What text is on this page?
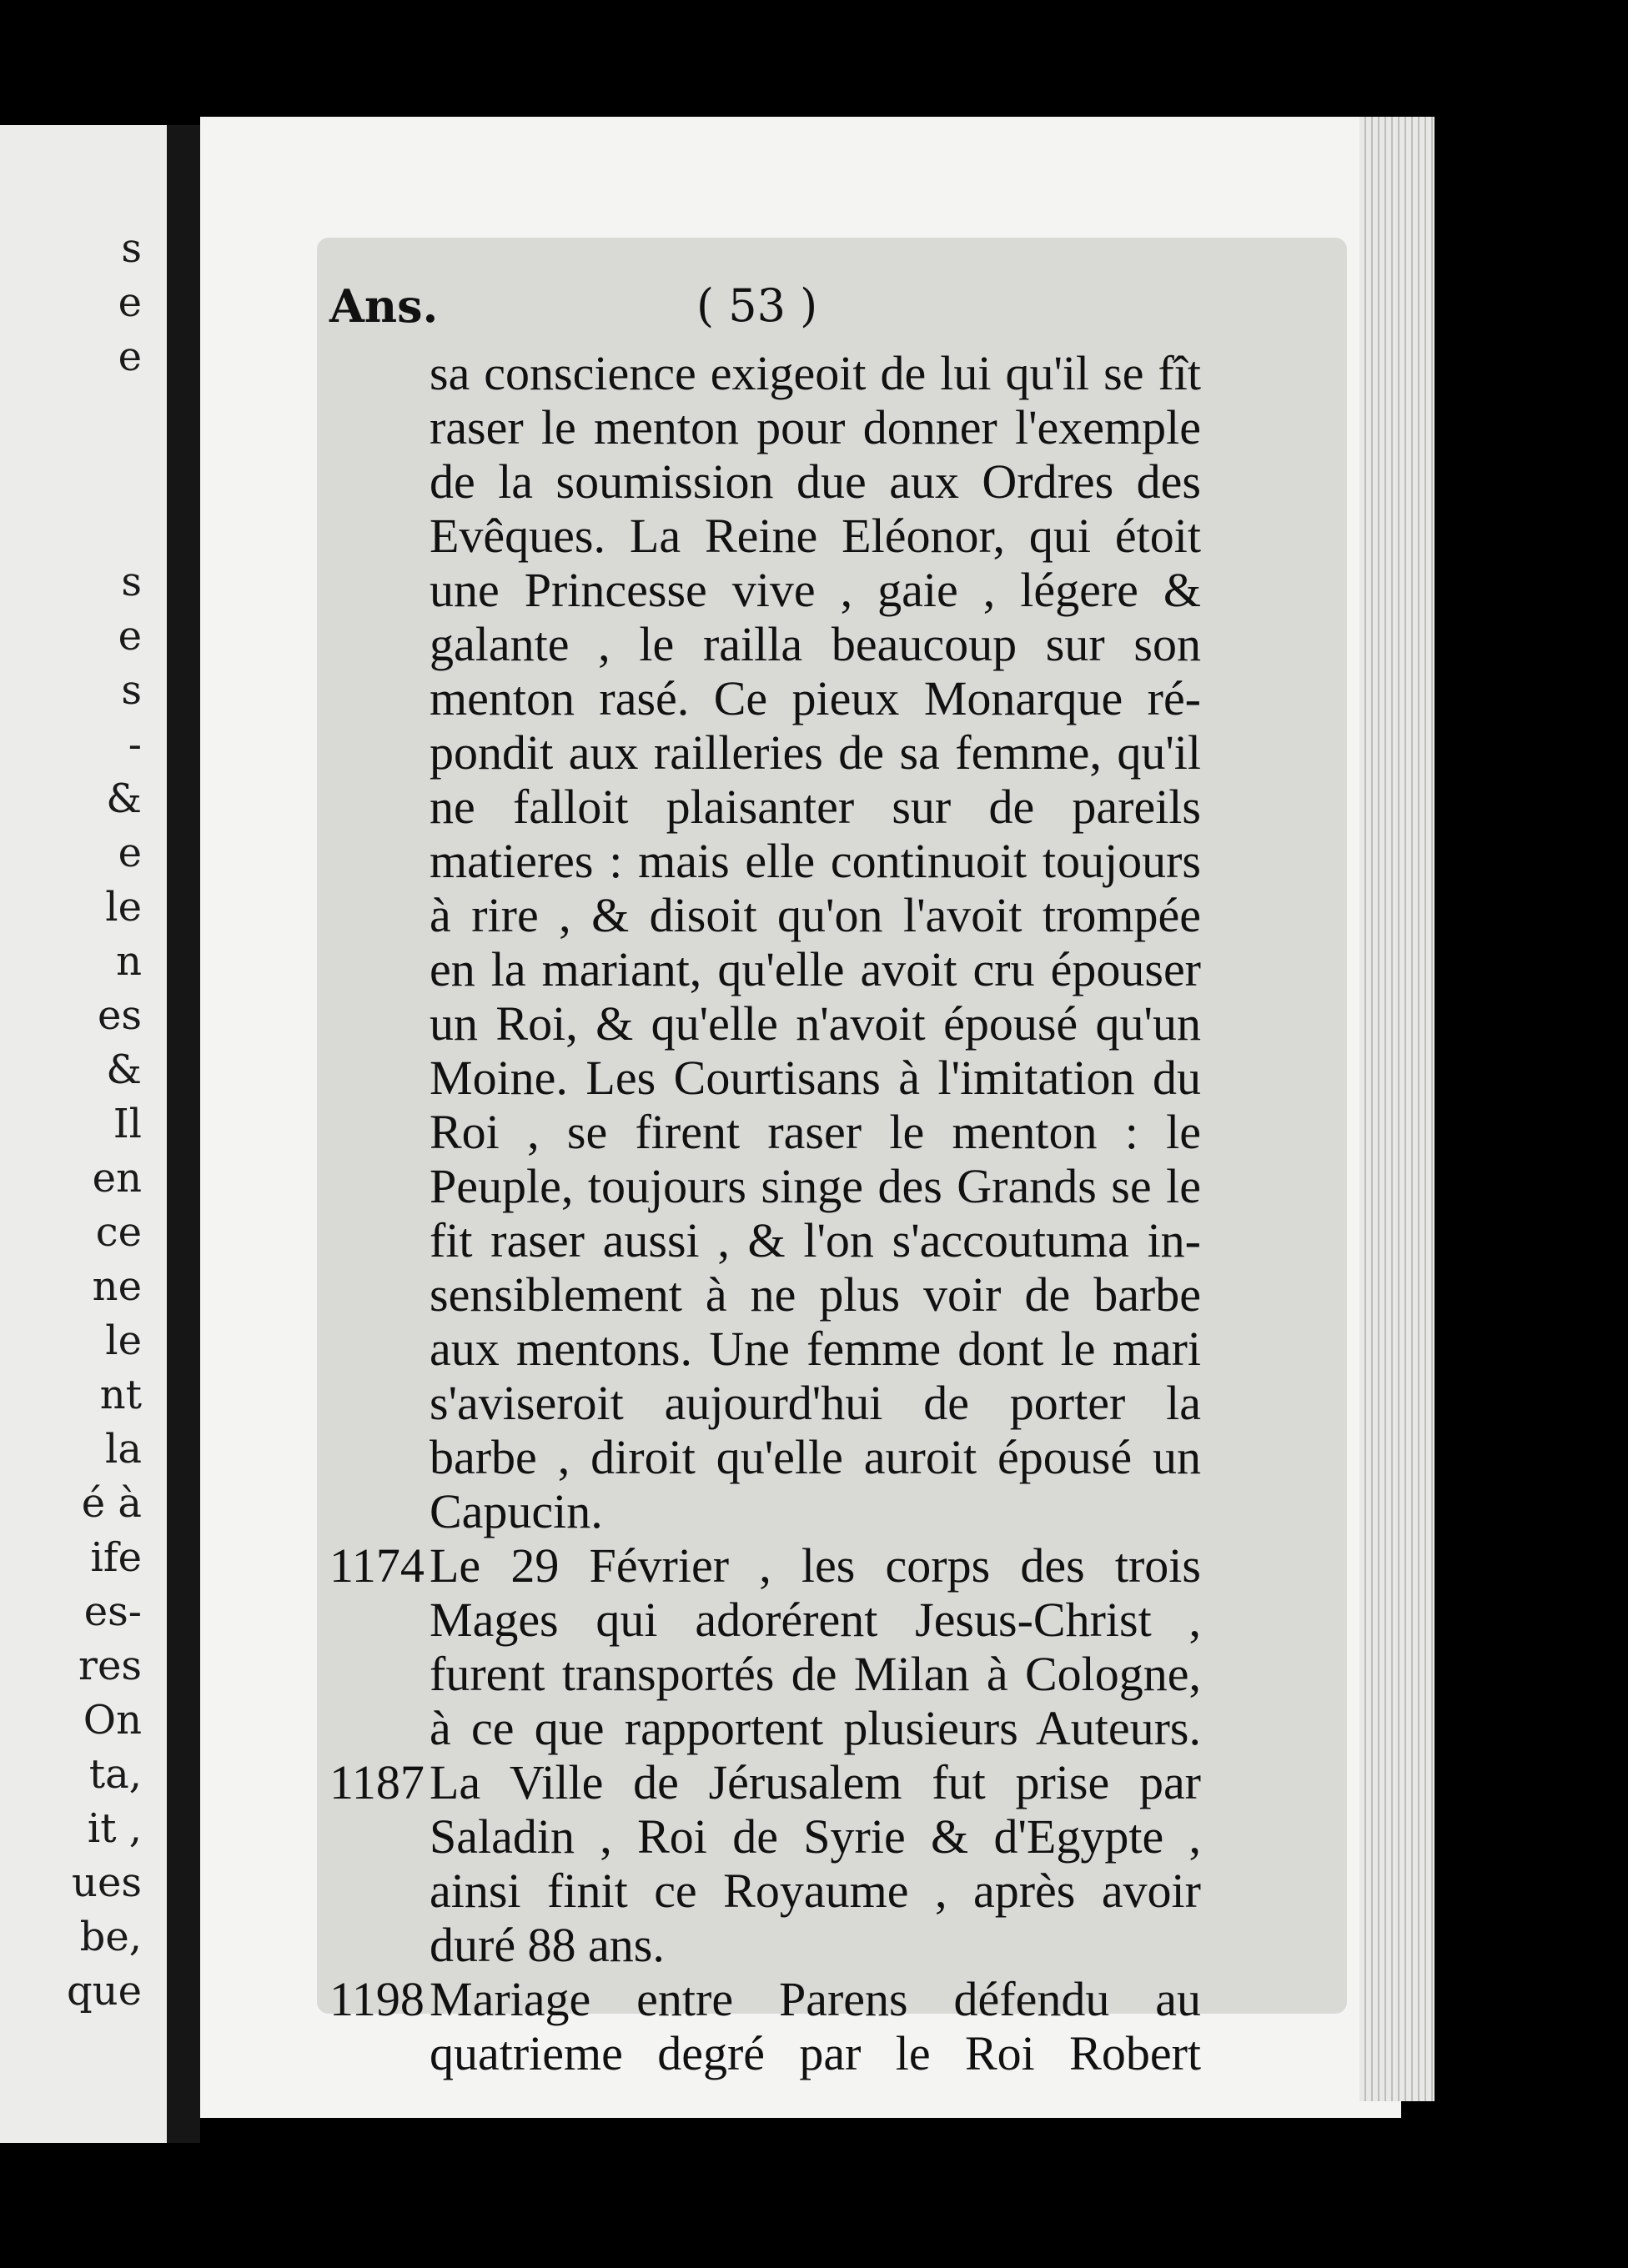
s
e
e
s
e
s
-
&
e
le
n
es
&
Il
en
ce
ne
le
nt
la
é à
ife
es-
res
On
ta,
it ,
ues
be,
que
Ans.	( 53 )
sa conscience exigeoit de lui qu'il se fît
raser le menton pour donner l'exemple
de la soumission due aux Ordres des
Evêques. La Reine Eléonor, qui étoit
une Princesse vive , gaie , légere &
galante , le railla beaucoup sur son
menton rasé. Ce pieux Monarque ré-
pondit aux railleries de sa femme, qu'il
ne falloit plaisanter sur de pareils
matieres : mais elle continuoit toujours
à rire , & disoit qu'on l'avoit trompée
en la mariant, qu'elle avoit cru épouser
un Roi, & qu'elle n'avoit épousé qu'un
Moine. Les Courtisans à l'imitation du
Roi , se firent raser le menton : le
Peuple, toujours singe des Grands se le
fit raser aussi , & l'on s'accoutuma in-
sensiblement à ne plus voir de barbe
aux mentons. Une femme dont le mari
s'aviseroit aujourd'hui de porter la
barbe , diroit qu'elle auroit épousé un
Capucin.
1174 Le 29 Février , les corps des trois
Mages qui adorérent Jesus-Christ ,
furent transportés de Milan à Cologne,
à ce que rapportent plusieurs Auteurs.
1187 La Ville de Jérusalem fut prise par
Saladin , Roi de Syrie & d'Egypte ,
ainsi finit ce Royaume , après avoir
duré 88 ans.
1198 Mariage entre Parens défendu au
quatrieme degré par le Roi Robert
